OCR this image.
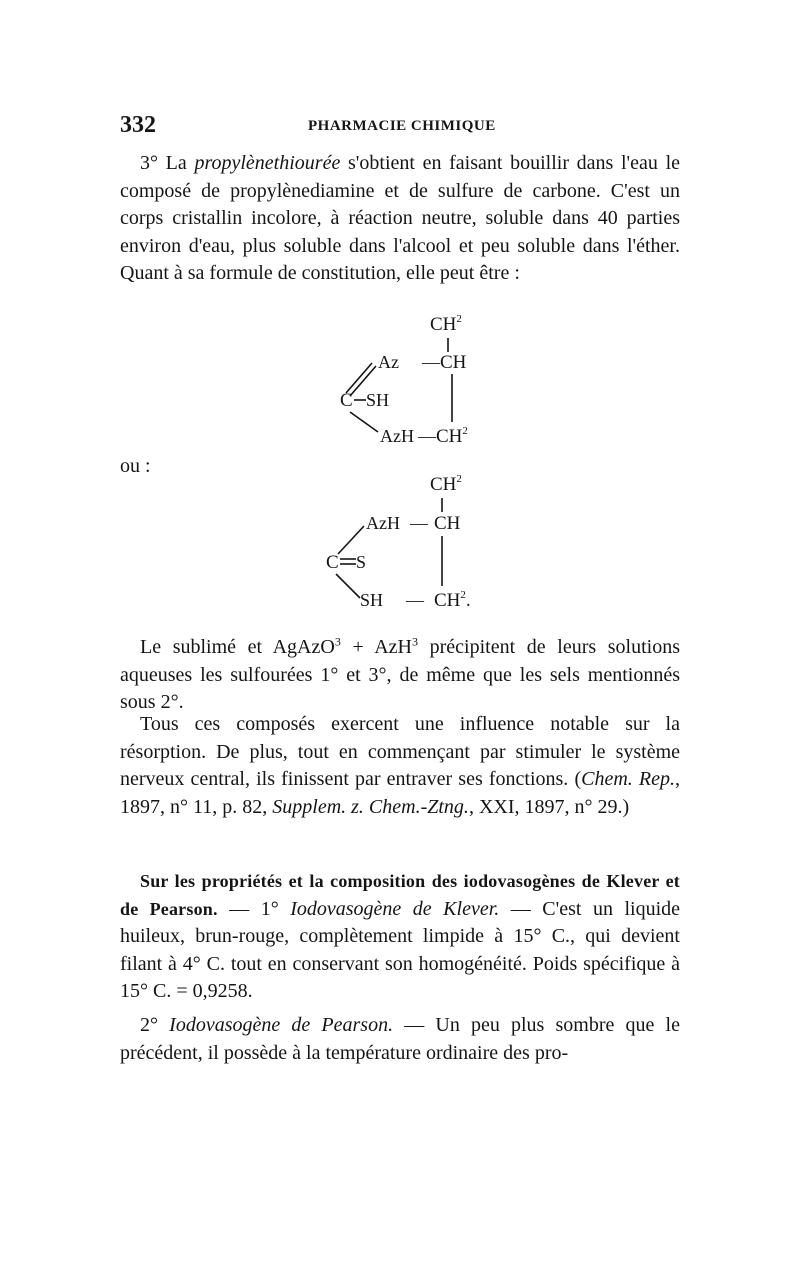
332	PHARMACIE CHIMIQUE

3° La propylènethiourée s'obtient en faisant bouillir dans l'eau le composé de propylènediamine et de sulfure de carbone. C'est un corps cristallin incolore, à réaction neutre, soluble dans 40 parties environ d'eau, plus soluble dans l'alcool et peu soluble dans l'éther. Quant à sa formule de constitution, elle peut être :

$CH^2$
Az — CH
C SH
AzH — $CH^2$
ou :
$CH^2$
AzH — CH
C S
SH — $CH^2$.

Le sublimé et AgAzO$^3$ + AzH$^3$ précipitent de leurs solutions aqueuses les sulfourées 1° et 3°, de même que les sels mentionnés sous 2°.

Tous ces composés exercent une influence notable sur la résorption. De plus, tout en commençant par stimuler le système nerveux central, ils finissent par entraver ses fonctions. (Chem. Rep., 1897, n° 11, p. 82, Supplem. z. Chem.-Ztng., XXI, 1897, n° 29.)

Sur les propriétés et la composition des iodovasogènes de Klever et de Pearson. — 1° Iodovasogène de Klever. — C'est un liquide huileux, brun-rouge, complètement limpide à 15° C., qui devient filant à 4° C. tout en conservant son homogénéité. Poids spécifique à 15° C. = 0,9258.

2° Iodovasogène de Pearson. — Un peu plus sombre que le précédent, il possède à la température ordinaire des pro-
